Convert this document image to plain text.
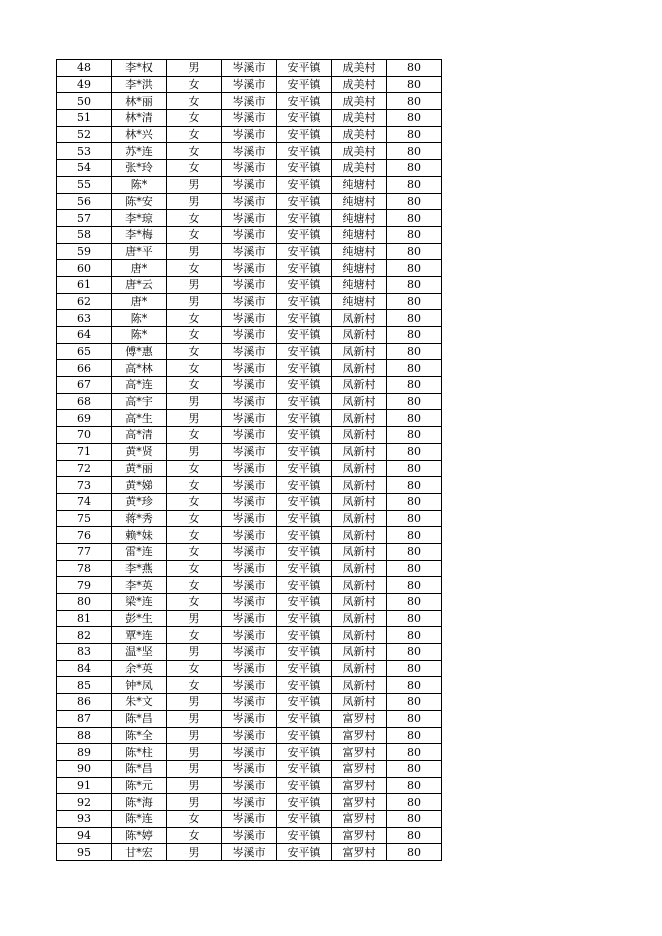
48	李*权	男	岑溪市	安平镇	成美村	80
49	李*洪	女	岑溪市	安平镇	成美村	80
50	林*丽	女	岑溪市	安平镇	成美村	80
51	林*清	女	岑溪市	安平镇	成美村	80
52	林*兴	女	岑溪市	安平镇	成美村	80
53	苏*连	女	岑溪市	安平镇	成美村	80
54	张*玲	女	岑溪市	安平镇	成美村	80
55	陈*	男	岑溪市	安平镇	纯塘村	80
56	陈*安	男	岑溪市	安平镇	纯塘村	80
57	李*琼	女	岑溪市	安平镇	纯塘村	80
58	李*梅	女	岑溪市	安平镇	纯塘村	80
59	唐*平	男	岑溪市	安平镇	纯塘村	80
60	唐*	女	岑溪市	安平镇	纯塘村	80
61	唐*云	男	岑溪市	安平镇	纯塘村	80
62	唐*	男	岑溪市	安平镇	纯塘村	80
63	陈*	女	岑溪市	安平镇	凤新村	80
64	陈*	女	岑溪市	安平镇	凤新村	80
65	傅*惠	女	岑溪市	安平镇	凤新村	80
66	高*林	女	岑溪市	安平镇	凤新村	80
67	高*连	女	岑溪市	安平镇	凤新村	80
68	高*宇	男	岑溪市	安平镇	凤新村	80
69	高*生	男	岑溪市	安平镇	凤新村	80
70	高*清	女	岑溪市	安平镇	凤新村	80
71	黄*贤	男	岑溪市	安平镇	凤新村	80
72	黄*丽	女	岑溪市	安平镇	凤新村	80
73	黄*娣	女	岑溪市	安平镇	凤新村	80
74	黄*珍	女	岑溪市	安平镇	凤新村	80
75	蒋*秀	女	岑溪市	安平镇	凤新村	80
76	赖*妹	女	岑溪市	安平镇	凤新村	80
77	雷*连	女	岑溪市	安平镇	凤新村	80
78	李*燕	女	岑溪市	安平镇	凤新村	80
79	李*英	女	岑溪市	安平镇	凤新村	80
80	梁*连	女	岑溪市	安平镇	凤新村	80
81	彭*生	男	岑溪市	安平镇	凤新村	80
82	覃*连	女	岑溪市	安平镇	凤新村	80
83	温*坚	男	岑溪市	安平镇	凤新村	80
84	余*英	女	岑溪市	安平镇	凤新村	80
85	钟*凤	女	岑溪市	安平镇	凤新村	80
86	朱*文	男	岑溪市	安平镇	凤新村	80
87	陈*昌	男	岑溪市	安平镇	富罗村	80
88	陈*全	男	岑溪市	安平镇	富罗村	80
89	陈*柱	男	岑溪市	安平镇	富罗村	80
90	陈*昌	男	岑溪市	安平镇	富罗村	80
91	陈*元	男	岑溪市	安平镇	富罗村	80
92	陈*海	男	岑溪市	安平镇	富罗村	80
93	陈*连	女	岑溪市	安平镇	富罗村	80
94	陈*婷	女	岑溪市	安平镇	富罗村	80
95	甘*宏	男	岑溪市	安平镇	富罗村	80
